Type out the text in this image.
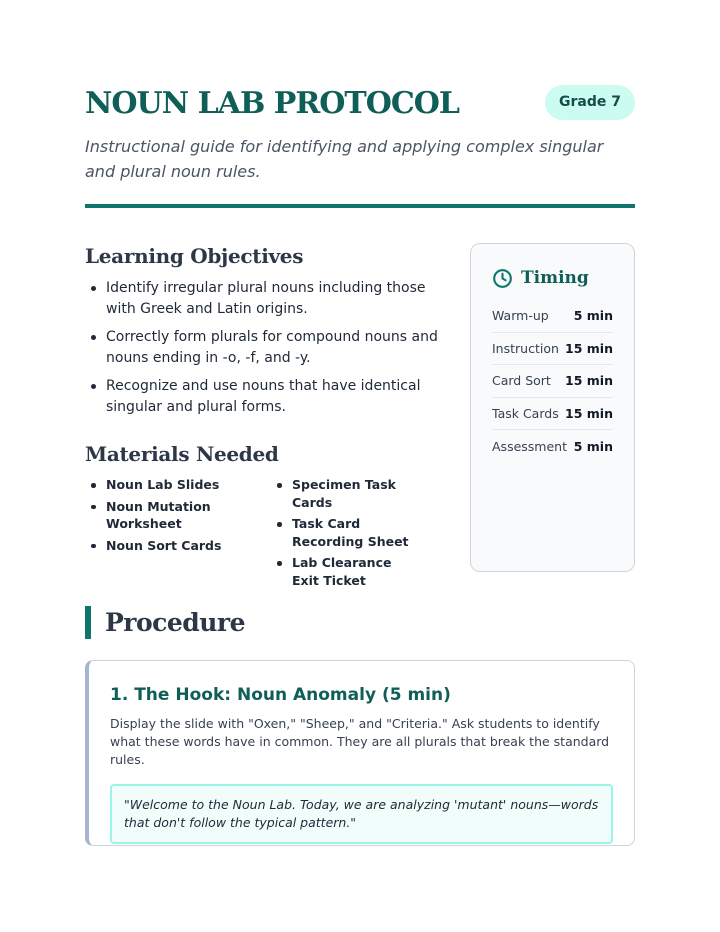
NOUN LAB PROTOCOL	Grade 7

Instructional guide for identifying and applying complex singular and plural noun rules.

Learning Objectives
Identify irregular plural nouns including those with Greek and Latin origins.
Correctly form plurals for compound nouns and nouns ending in -o, -f, and -y.
Recognize and use nouns that have identical singular and plural forms.
Materials Needed
Noun Lab Slides
Noun Mutation Worksheet
Noun Sort Cards
Specimen Task Cards
Task Card Recording Sheet
Lab Clearance Exit Ticket
Timing
Warm-up 5 min
Instruction 15 min
Card Sort 15 min
Task Cards 15 min
Assessment 5 min
Procedure
1. The Hook: Noun Anomaly (5 min)

Display the slide with "Oxen," "Sheep," and "Criteria." Ask students to identify what these words have in common. They are all plurals that break the standard rules.

"Welcome to the Noun Lab. Today, we are analyzing 'mutant' nouns—words that don't follow the typical pattern."
